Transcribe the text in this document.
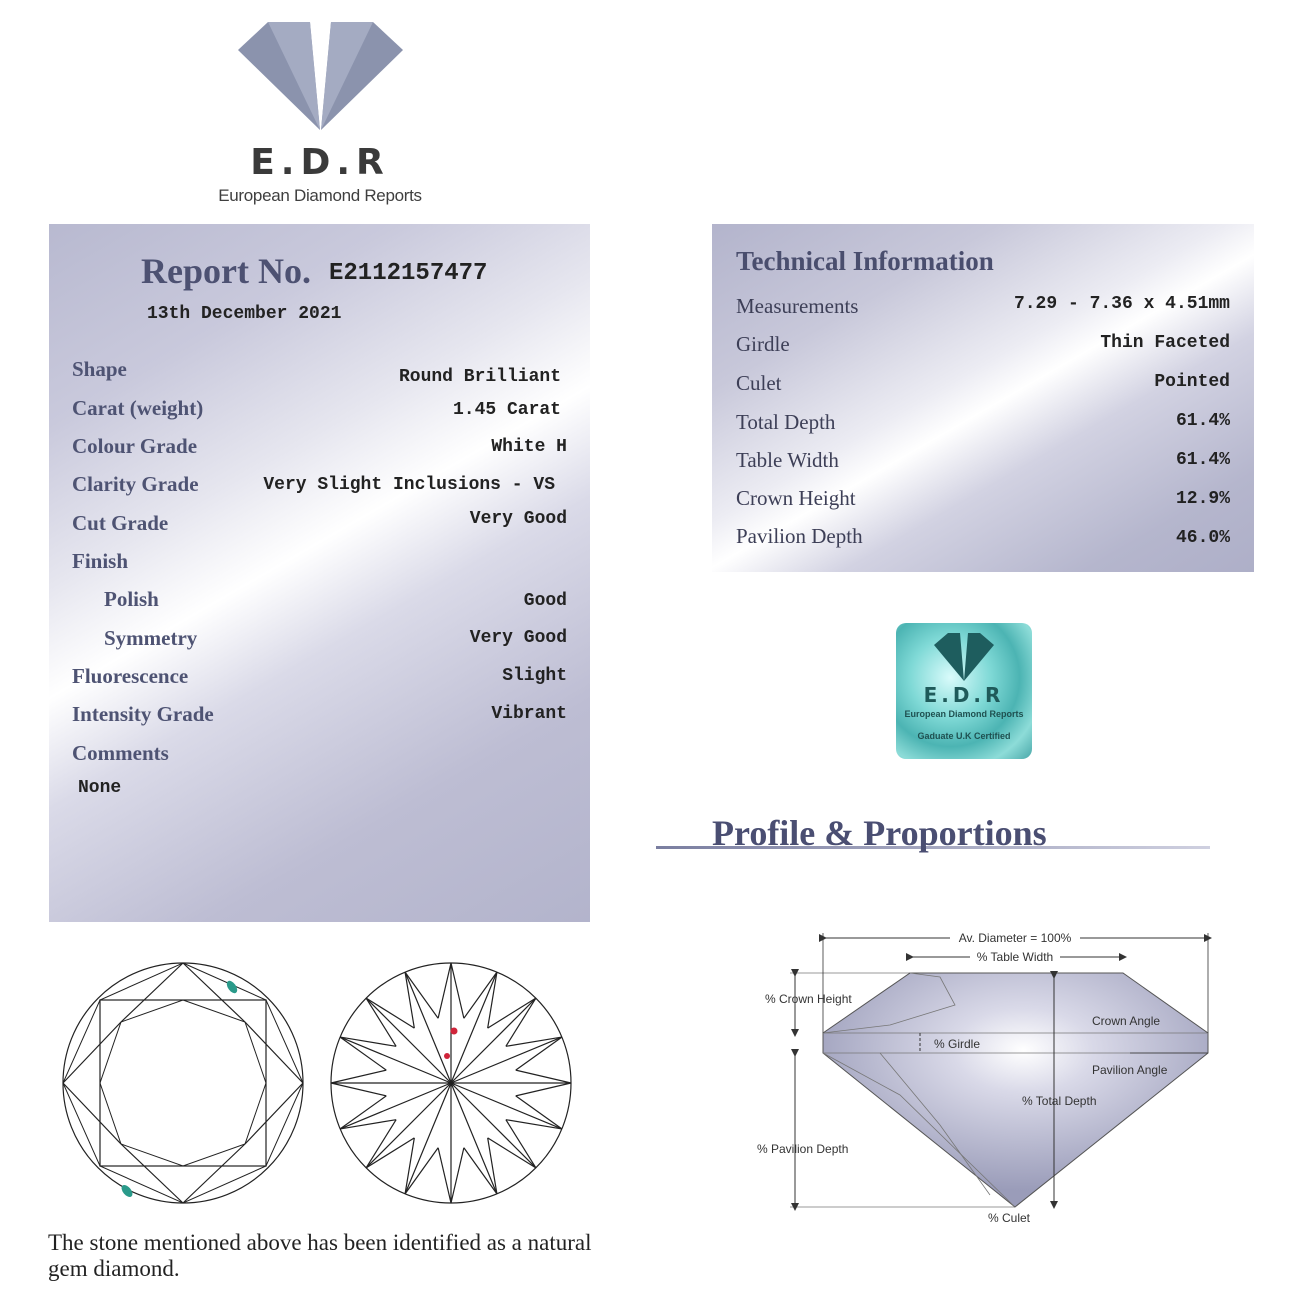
E.D.R
European Diamond Reports
Report No. E2112157477
13th December 2021
Shape	Round Brilliant
Carat (weight)	1.45 Carat
Colour Grade	White H
Clarity Grade	Very Slight Inclusions - VS
Cut Grade	Very Good
Finish
Polish	Good
Symmetry	Very Good
Fluorescence	Slight
Intensity Grade	Vibrant
Comments
None
Technical Information
Measurements	7.29 - 7.36 x 4.51mm
Girdle	Thin Faceted
Culet	Pointed
Total Depth	61.4%
Table Width	61.4%
Crown Height	12.9%
Pavilion Depth	46.0%
E.D.R
European Diamond Reports
Gaduate U.K Certified
Profile & Proportions
Av. Diameter = 100%
% Table Width
% Crown Height
Crown Angle
% Girdle
Pavilion Angle
% Total Depth
% Pavilion Depth
% Culet
The stone mentioned above has been identified as a natural gem diamond.
